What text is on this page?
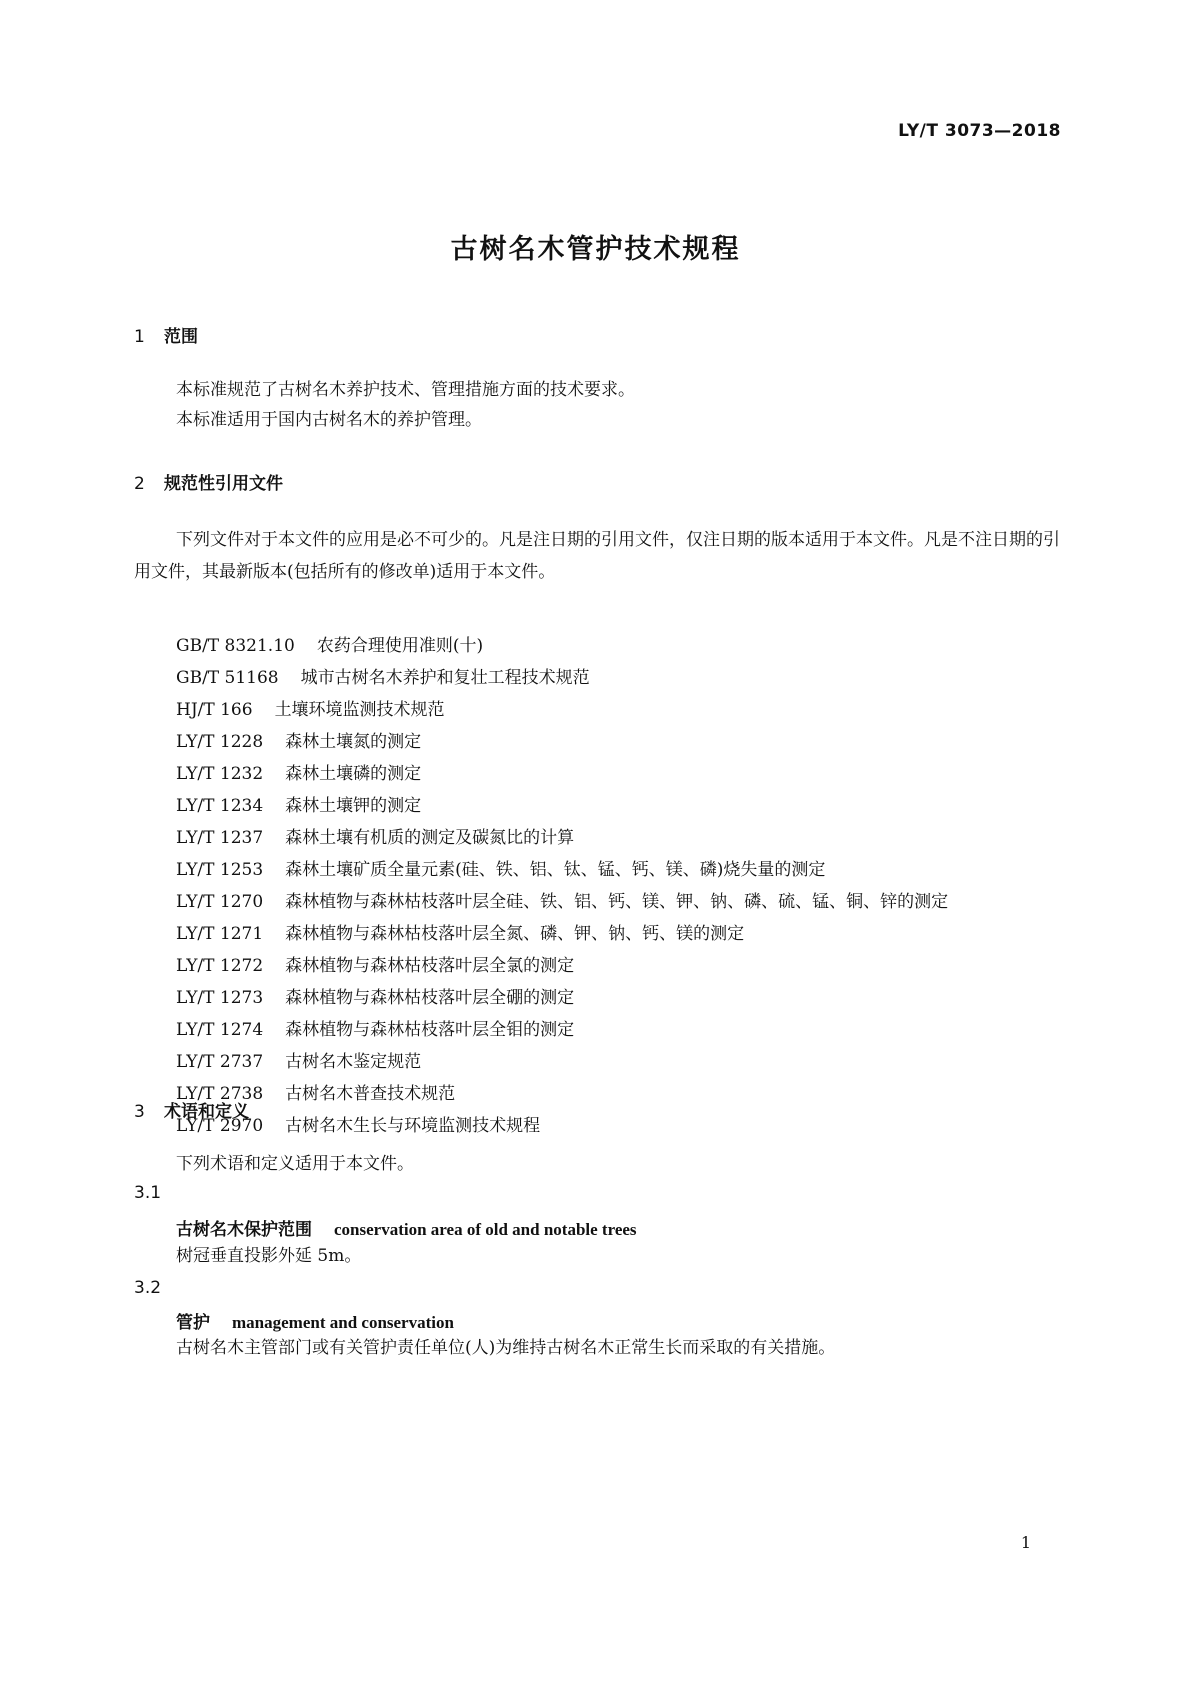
LY/T 3073—2018
古树名木管护技术规程
1 范围
本标准规范了古树名木养护技术、管理措施方面的技术要求。
本标准适用于国内古树名木的养护管理。
2 规范性引用文件
下列文件对于本文件的应用是必不可少的。凡是注日期的引用文件，仅注日期的版本适用于本文件。凡是不注日期的引用文件，其最新版本(包括所有的修改单)适用于本文件。
GB/T 8321.10 农药合理使用准则(十)
GB/T 51168 城市古树名木养护和复壮工程技术规范
HJ/T 166 土壤环境监测技术规范
LY/T 1228 森林土壤氮的测定
LY/T 1232 森林土壤磷的测定
LY/T 1234 森林土壤钾的测定
LY/T 1237 森林土壤有机质的测定及碳氮比的计算
LY/T 1253 森林土壤矿质全量元素(硅、铁、铝、钛、锰、钙、镁、磷)烧失量的测定
LY/T 1270 森林植物与森林枯枝落叶层全硅、铁、铝、钙、镁、钾、钠、磷、硫、锰、铜、锌的测定
LY/T 1271 森林植物与森林枯枝落叶层全氮、磷、钾、钠、钙、镁的测定
LY/T 1272 森林植物与森林枯枝落叶层全氯的测定
LY/T 1273 森林植物与森林枯枝落叶层全硼的测定
LY/T 1274 森林植物与森林枯枝落叶层全钼的测定
LY/T 2737 古树名木鉴定规范
LY/T 2738 古树名木普查技术规范
LY/T 2970 古树名木生长与环境监测技术规程
3 术语和定义
下列术语和定义适用于本文件。
3.1
古树名木保护范围 conservation area of old and notable trees
树冠垂直投影外延 5m。
3.2
管护 management and conservation
古树名木主管部门或有关管护责任单位(人)为维持古树名木正常生长而采取的有关措施。
1
